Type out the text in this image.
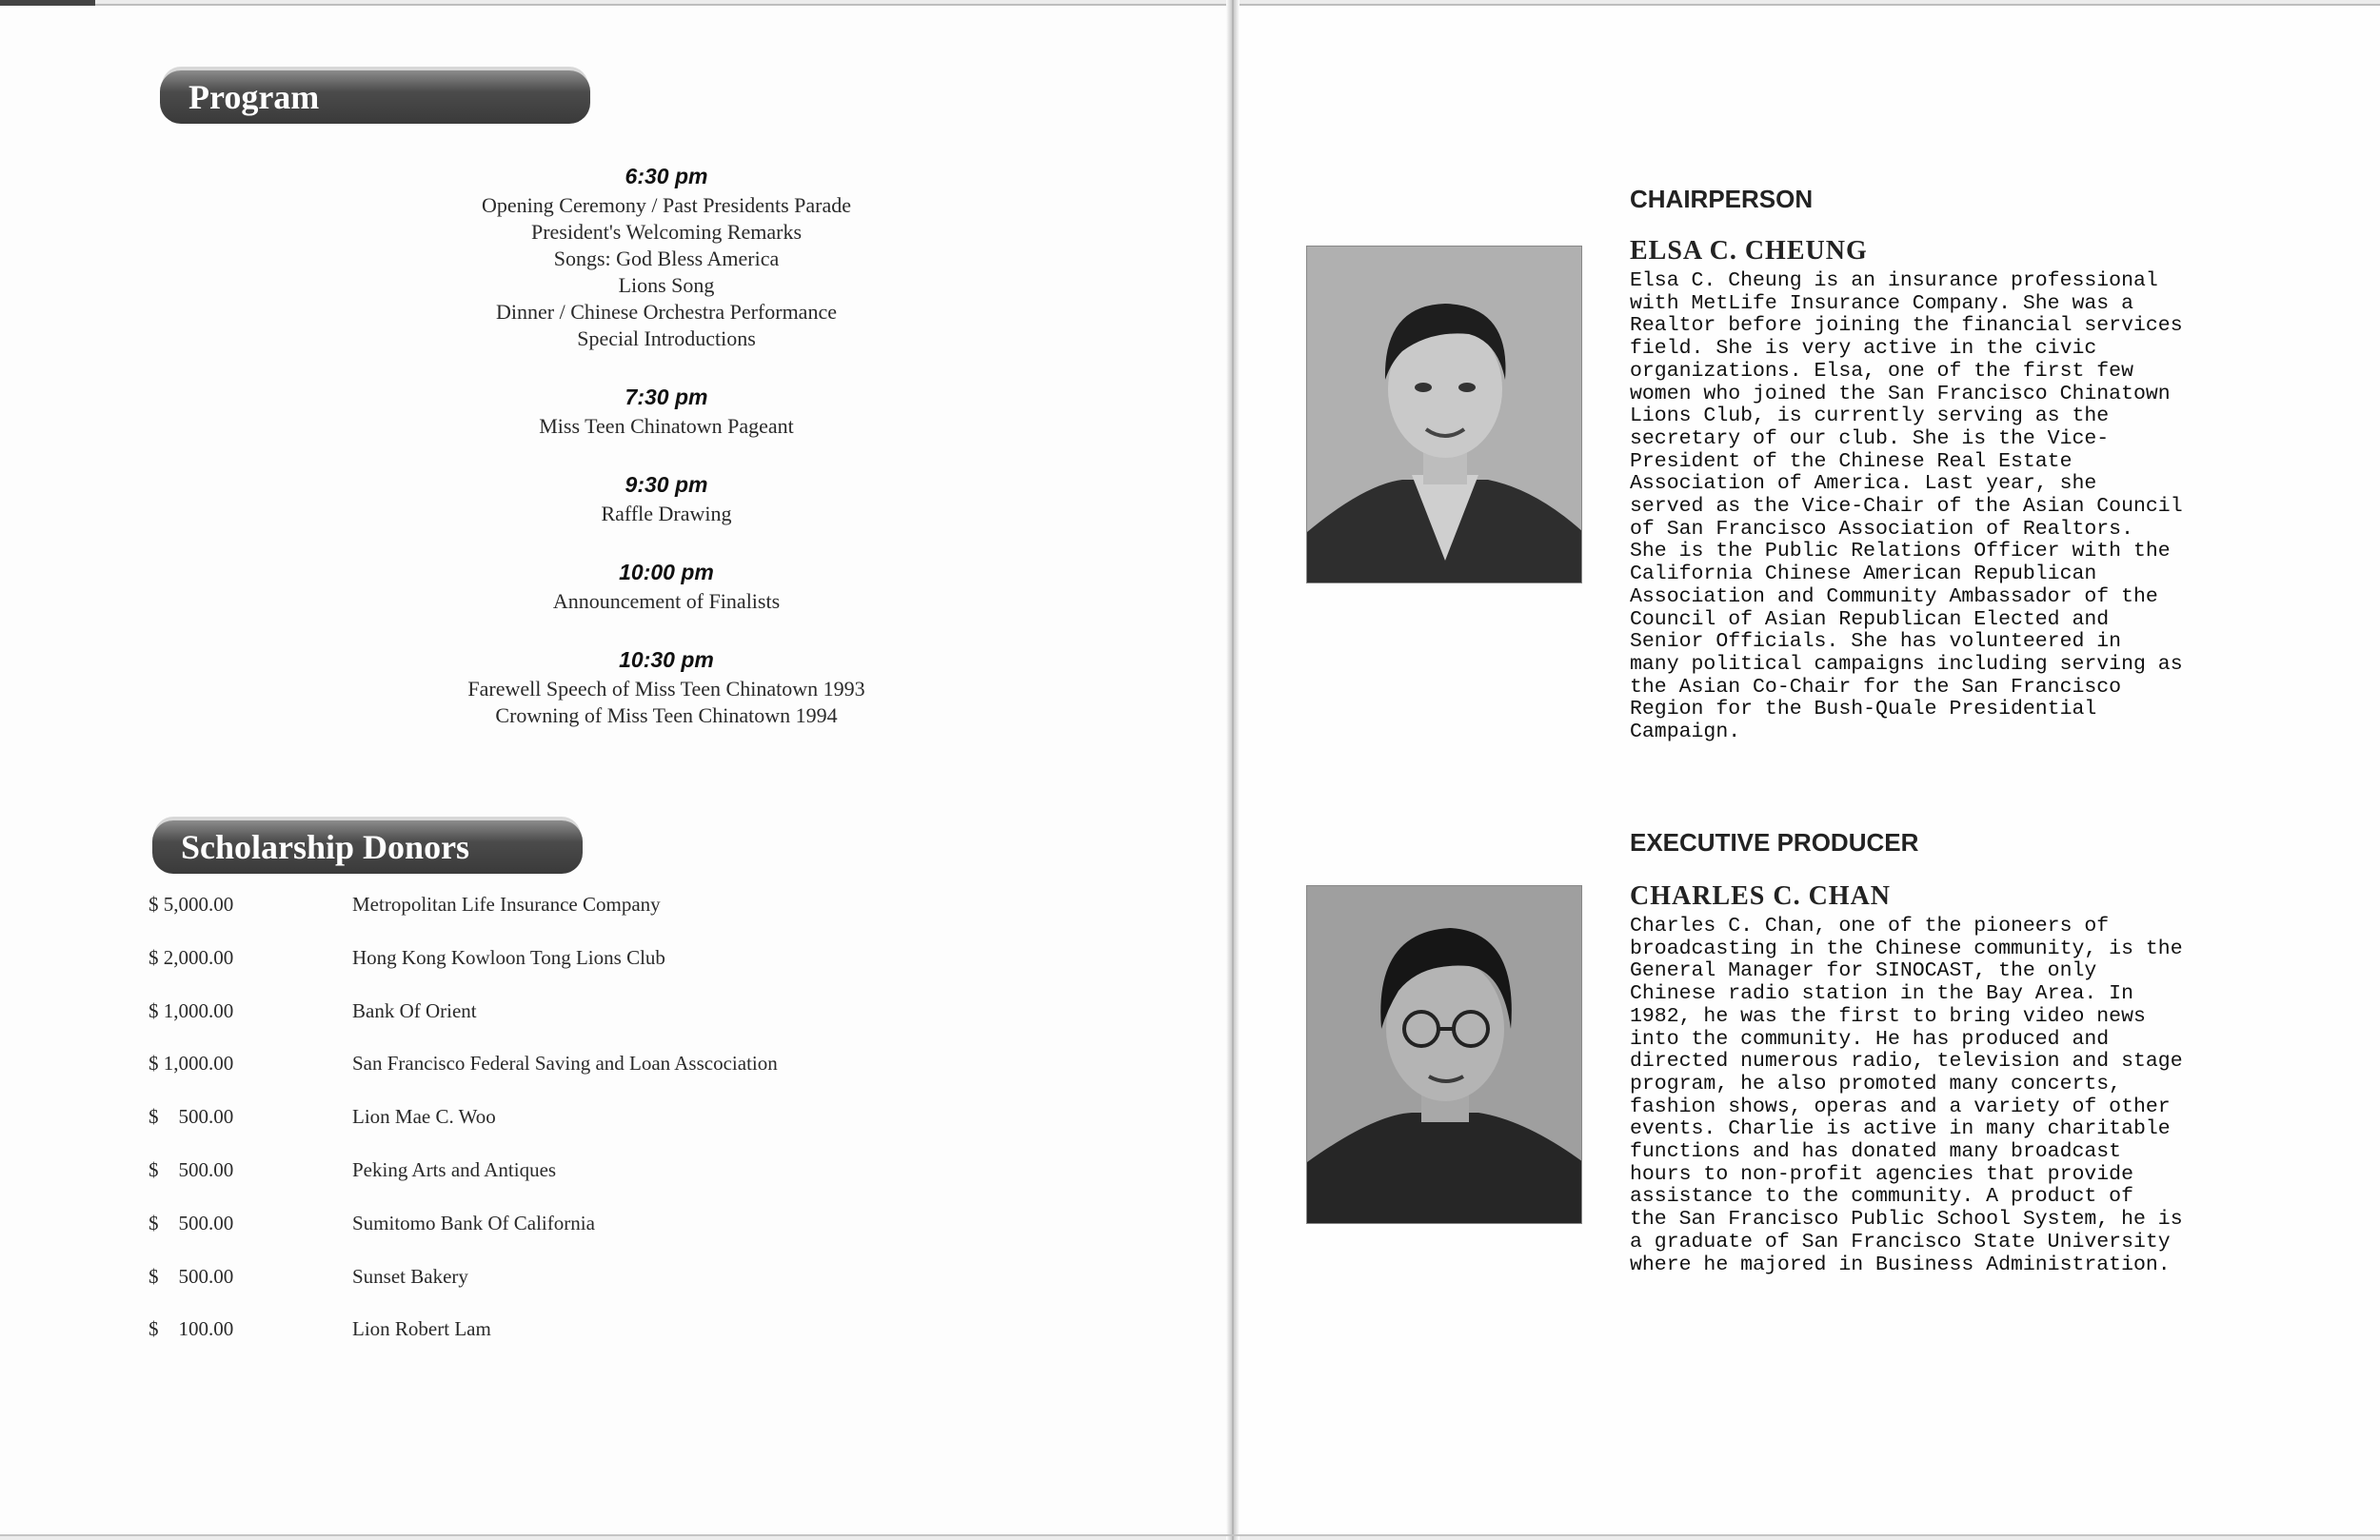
Program
6:30 pm
Opening Ceremony / Past Presidents Parade
President's Welcoming Remarks
Songs: God Bless America
Lions Song
Dinner / Chinese Orchestra Performance
Special Introductions
7:30 pm
Miss Teen Chinatown Pageant
9:30 pm
Raffle Drawing
10:00 pm
Announcement of Finalists
10:30 pm
Farewell Speech of Miss Teen Chinatown 1993
Crowning of Miss Teen Chinatown 1994
Scholarship Donors
$ 5,000.00	Metropolitan Life Insurance Company
$ 2,000.00	Hong Kong Kowloon Tong Lions Club
$ 1,000.00	Bank Of Orient
$ 1,000.00	San Francisco Federal Saving and Loan Asscociation
$    500.00	Lion Mae C. Woo
$    500.00	Peking Arts and Antiques
$    500.00	Sumitomo Bank Of California
$    500.00	Sunset Bakery
$    100.00	Lion Robert Lam
CHAIRPERSON
ELSA C. CHEUNG
Elsa C. Cheung is an insurance professional
with MetLife Insurance Company. She was a
Realtor before joining the financial services
field. She is very active in the civic
organizations. Elsa, one of the first few
women who joined the San Francisco Chinatown
Lions Club, is currently serving as the
secretary of our club. She is the Vice-
President of the Chinese Real Estate
Association of America. Last year, she
served as the Vice-Chair of the Asian Council
of San Francisco Association of Realtors.
She is the Public Relations Officer with the
California Chinese American Republican
Association and Community Ambassador of the
Council of Asian Republican Elected and
Senior Officials. She has volunteered in
many political campaigns including serving as
the Asian Co-Chair for the San Francisco
Region for the Bush-Quale Presidential
Campaign.
EXECUTIVE PRODUCER
CHARLES C. CHAN
Charles C. Chan, one of the pioneers of
broadcasting in the Chinese community, is the
General Manager for SINOCAST, the only
Chinese radio station in the Bay Area. In
1982, he was the first to bring video news
into the community. He has produced and
directed numerous radio, television and stage
program, he also promoted many concerts,
fashion shows, operas and a variety of other
events. Charlie is active in many charitable
functions and has donated many broadcast
hours to non-profit agencies that provide
assistance to the community. A product of
the San Francisco Public School System, he is
a graduate of San Francisco State University
where he majored in Business Administration.
